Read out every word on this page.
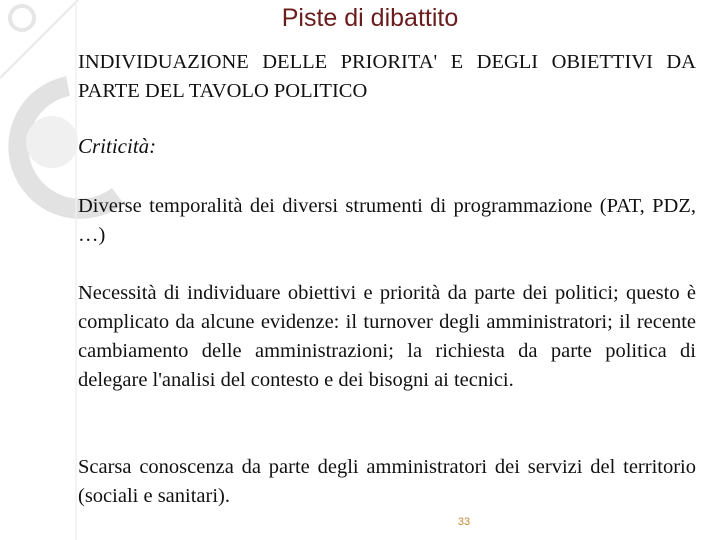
Piste di dibattito

INDIVIDUAZIONE DELLE PRIORITA' E DEGLI OBIETTIVI DA PARTE DEL TAVOLO POLITICO

Criticità:

Diverse temporalità dei diversi strumenti di programmazione (PAT, PDZ, …)

Necessità di individuare obiettivi e priorità da parte dei politici; questo è complicato da alcune evidenze: il turnover degli amministratori; il recente cambiamento delle amministrazioni; la richiesta da parte politica di delegare l'analisi del contesto e dei bisogni ai tecnici.

Scarsa conoscenza da parte degli amministratori dei servizi del territorio (sociali e sanitari).

33
